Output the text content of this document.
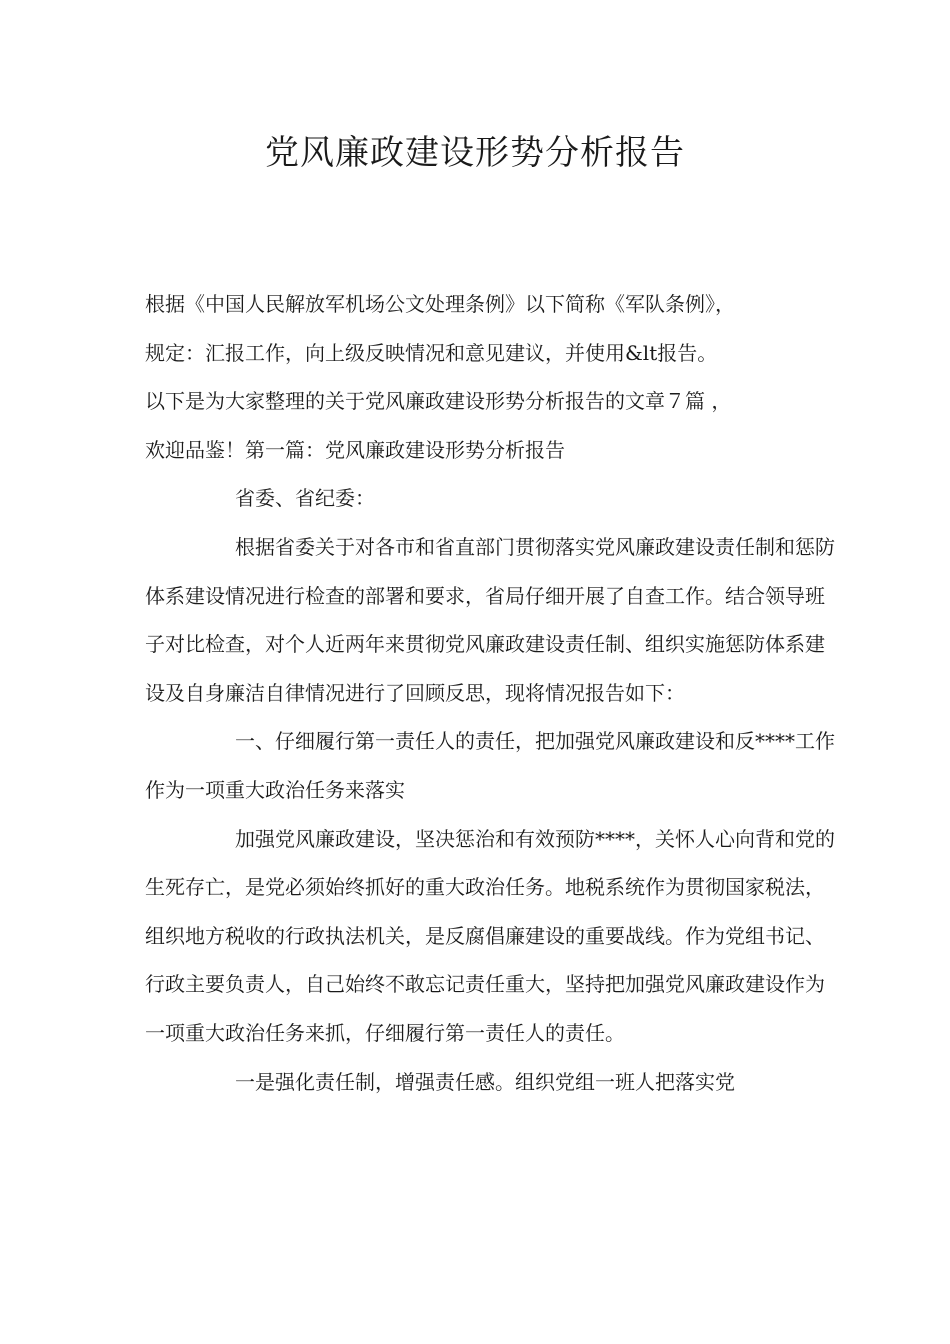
党风廉政建设形势分析报告

根据《中国人民解放军机场公文处理条例》以下简称《军队条例》，
规定：汇报工作，向上级反映情况和意见建议，并使用&lt报告。
以下是为大家整理的关于党风廉政建设形势分析报告的文章７篇 ，
欢迎品鉴！第一篇：党风廉政建设形势分析报告

省委、省纪委：

根据省委关于对各市和省直部门贯彻落实党风廉政建设责任制和惩防体系建设情况进行检查的部署和要求，省局仔细开展了自查工作。结合领导班子对比检查，对个人近两年来贯彻党风廉政建设责任制、组织实施惩防体系建设及自身廉洁自律情况进行了回顾反思，现将情况报告如下：

一、仔细履行第一责任人的责任，把加强党风廉政建设和反****工作作为一项重大政治任务来落实

加强党风廉政建设，坚决惩治和有效预防****，关怀人心向背和党的生死存亡，是党必须始终抓好的重大政治任务。地税系统作为贯彻国家税法，组织地方税收的行政执法机关，是反腐倡廉建设的重要战线。作为党组书记、行政主要负责人，自己始终不敢忘记责任重大，坚持把加强党风廉政建设作为一项重大政治任务来抓，仔细履行第一责任人的责任。

一是强化责任制，增强责任感。组织党组一班人把落实党
